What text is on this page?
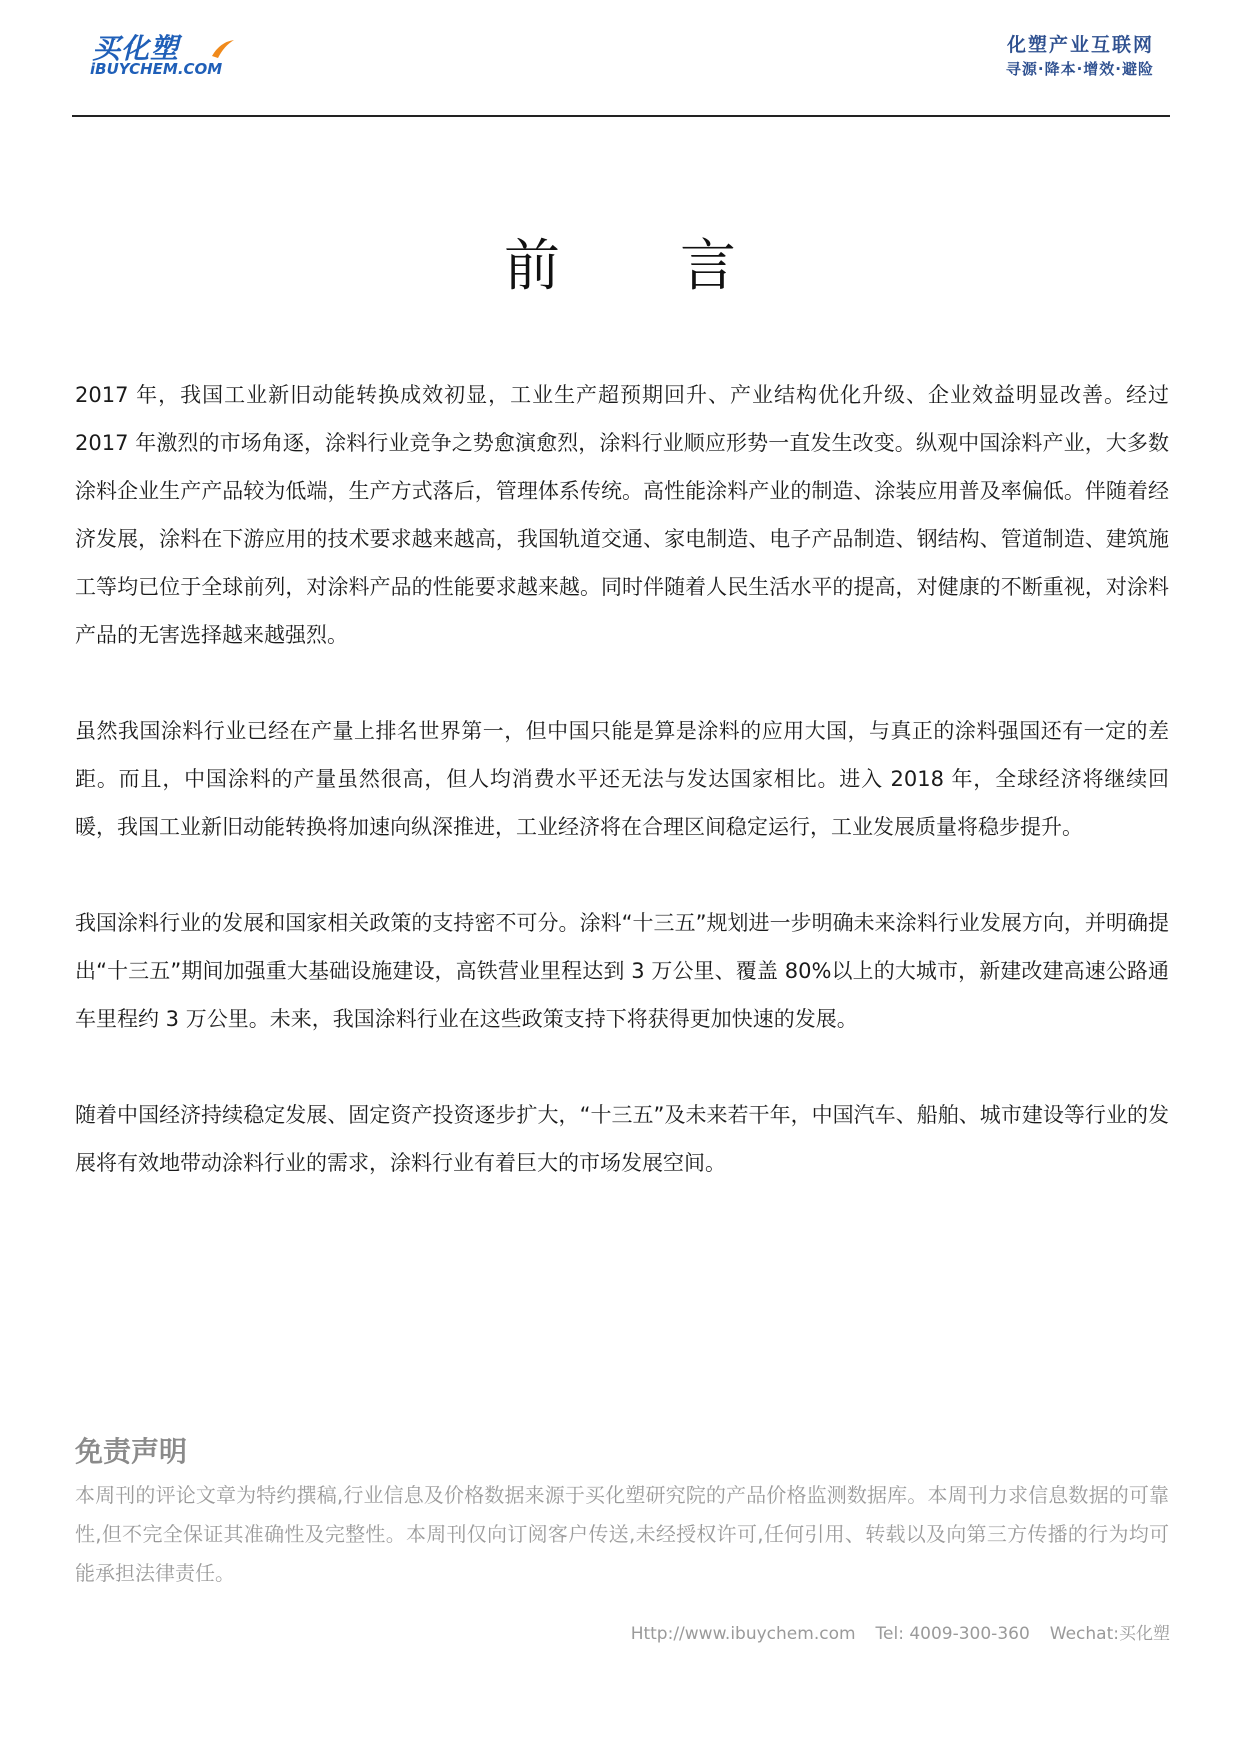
买化塑
iBUYCHEM.COM
化塑产业互联网
寻源·降本·增效·避险
前 言

2017 年，我国工业新旧动能转换成效初显，工业生产超预期回升、产业结构优化升级、企业效益明显改善。经过 2017 年激烈的市场角逐，涂料行业竞争之势愈演愈烈，涂料行业顺应形势一直发生改变。纵观中国涂料产业，大多数涂料企业生产产品较为低端，生产方式落后，管理体系传统。高性能涂料产业的制造、涂装应用普及率偏低。伴随着经济发展，涂料在下游应用的技术要求越来越高，我国轨道交通、家电制造、电子产品制造、钢结构、管道制造、建筑施工等均已位于全球前列，对涂料产品的性能要求越来越。同时伴随着人民生活水平的提高，对健康的不断重视，对涂料产品的无害选择越来越强烈。

虽然我国涂料行业已经在产量上排名世界第一，但中国只能是算是涂料的应用大国，与真正的涂料强国还有一定的差距。而且，中国涂料的产量虽然很高，但人均消费水平还无法与发达国家相比。进入 2018 年，全球经济将继续回暖，我国工业新旧动能转换将加速向纵深推进，工业经济将在合理区间稳定运行，工业发展质量将稳步提升。

我国涂料行业的发展和国家相关政策的支持密不可分。涂料“十三五”规划进一步明确未来涂料行业发展方向，并明确提出“十三五”期间加强重大基础设施建设，高铁营业里程达到 3 万公里、覆盖 80%以上的大城市，新建改建高速公路通车里程约 3 万公里。未来，我国涂料行业在这些政策支持下将获得更加快速的发展。

随着中国经济持续稳定发展、固定资产投资逐步扩大，“十三五”及未来若干年，中国汽车、船舶、城市建设等行业的发展将有效地带动涂料行业的需求，涂料行业有着巨大的市场发展空间。

免责声明

本周刊的评论文章为特约撰稿,行业信息及价格数据来源于买化塑研究院的产品价格监测数据库。本周刊力求信息数据的可靠性,但不完全保证其准确性及完整性。本周刊仅向订阅客户传送,未经授权许可,任何引用、转载以及向第三方传播的行为均可能承担法律责任。

Http://www.ibuychem.com Tel: 4009-300-360 Wechat:买化塑
